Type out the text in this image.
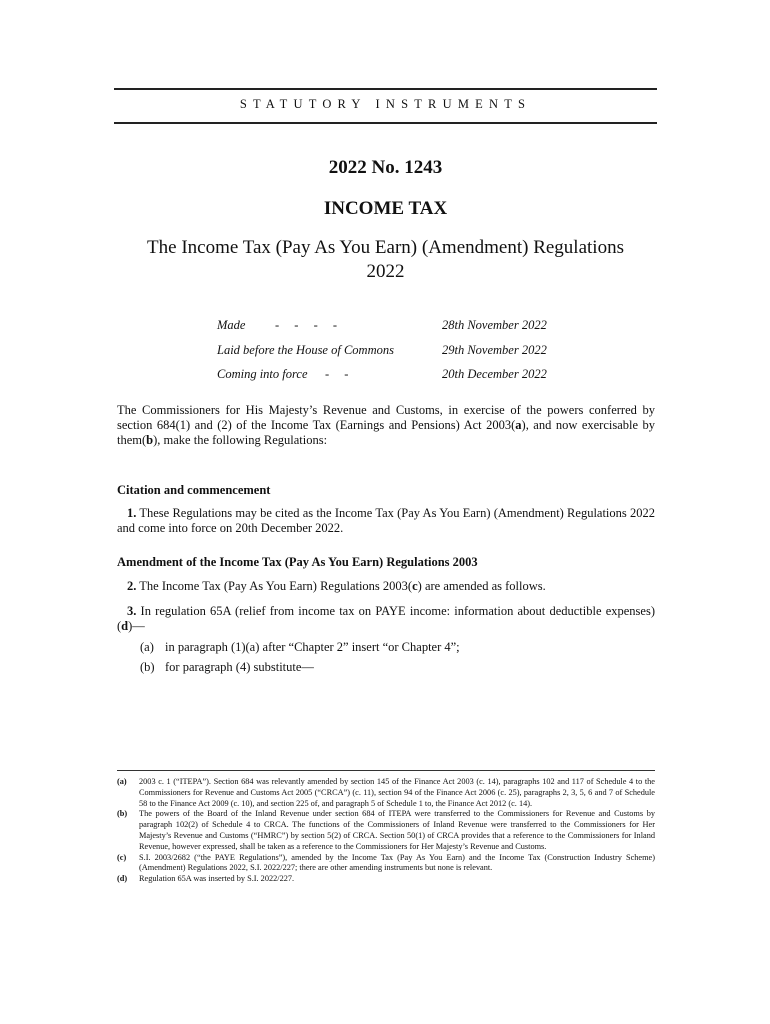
STATUTORY INSTRUMENTS
2022 No. 1243
INCOME TAX
The Income Tax (Pay As You Earn) (Amendment) Regulations
2022
Made - - - -	28th November 2022
Laid before the House of Commons	29th November 2022
Coming into force - -	20th December 2022
The Commissioners for His Majesty’s Revenue and Customs, in exercise of the powers conferred by section 684(1) and (2) of the Income Tax (Earnings and Pensions) Act 2003(a), and now exercisable by them(b), make the following Regulations:
Citation and commencement
1. These Regulations may be cited as the Income Tax (Pay As You Earn) (Amendment) Regulations 2022 and come into force on 20th December 2022.
Amendment of the Income Tax (Pay As You Earn) Regulations 2003
2. The Income Tax (Pay As You Earn) Regulations 2003(c) are amended as follows.
3. In regulation 65A (relief from income tax on PAYE income: information about deductible expenses)(d)—
(a) in paragraph (1)(a) after “Chapter 2” insert “or Chapter 4”;
(b) for paragraph (4) substitute—
(a)	2003 c. 1 (“ITEPA”). Section 684 was relevantly amended by section 145 of the Finance Act 2003 (c. 14), paragraphs 102 and 117 of Schedule 4 to the Commissioners for Revenue and Customs Act 2005 (“CRCA”) (c. 11), section 94 of the Finance Act 2006 (c. 25), paragraphs 2, 3, 5, 6 and 7 of Schedule 58 to the Finance Act 2009 (c. 10), and section 225 of, and paragraph 5 of Schedule 1 to, the Finance Act 2012 (c. 14).
(b)	The powers of the Board of the Inland Revenue under section 684 of ITEPA were transferred to the Commissioners for Revenue and Customs by paragraph 102(2) of Schedule 4 to CRCA. The functions of the Commissioners of Inland Revenue were transferred to the Commissioners for Her Majesty’s Revenue and Customs (“HMRC”) by section 5(2) of CRCA. Section 50(1) of CRCA provides that a reference to the Commissioners for Inland Revenue, however expressed, shall be taken as a reference to the Commissioners for Her Majesty’s Revenue and Customs.
(c)	S.I. 2003/2682 (“the PAYE Regulations”), amended by the Income Tax (Pay As You Earn) and the Income Tax (Construction Industry Scheme) (Amendment) Regulations 2022, S.I. 2022/227; there are other amending instruments but none is relevant.
(d)	Regulation 65A was inserted by S.I. 2022/227.
